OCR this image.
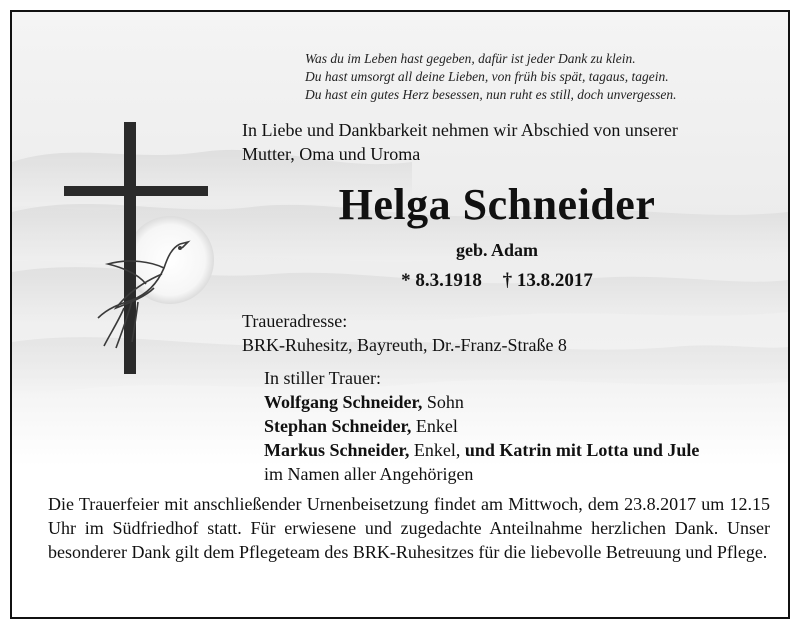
Was du im Leben hast gegeben, dafür ist jeder Dank zu klein.
Du hast umsorgt all deine Lieben, von früh bis spät, tagaus, tagein.
Du hast ein gutes Herz besessen, nun ruht es still, doch unvergessen.
In Liebe und Dankbarkeit nehmen wir Abschied von unserer
Mutter, Oma und Uroma
Helga Schneider
geb. Adam
* 8.3.1918 † 13.8.2017
Traueradresse:
BRK-Ruhesitz, Bayreuth, Dr.-Franz-Straße 8
In stiller Trauer:
Wolfgang Schneider, Sohn
Stephan Schneider, Enkel
Markus Schneider, Enkel, und Katrin mit Lotta und Jule
im Namen aller Angehörigen
Die Trauerfeier mit anschließender Urnenbeisetzung findet am Mittwoch, dem 23.8.2017 um 12.15 Uhr im Südfriedhof statt. Für erwiesene und zugedachte Anteilnahme herzlichen Dank. Unser besonderer Dank gilt dem Pflegeteam des BRK-Ruhesitzes für die liebevolle Betreuung und Pflege.
